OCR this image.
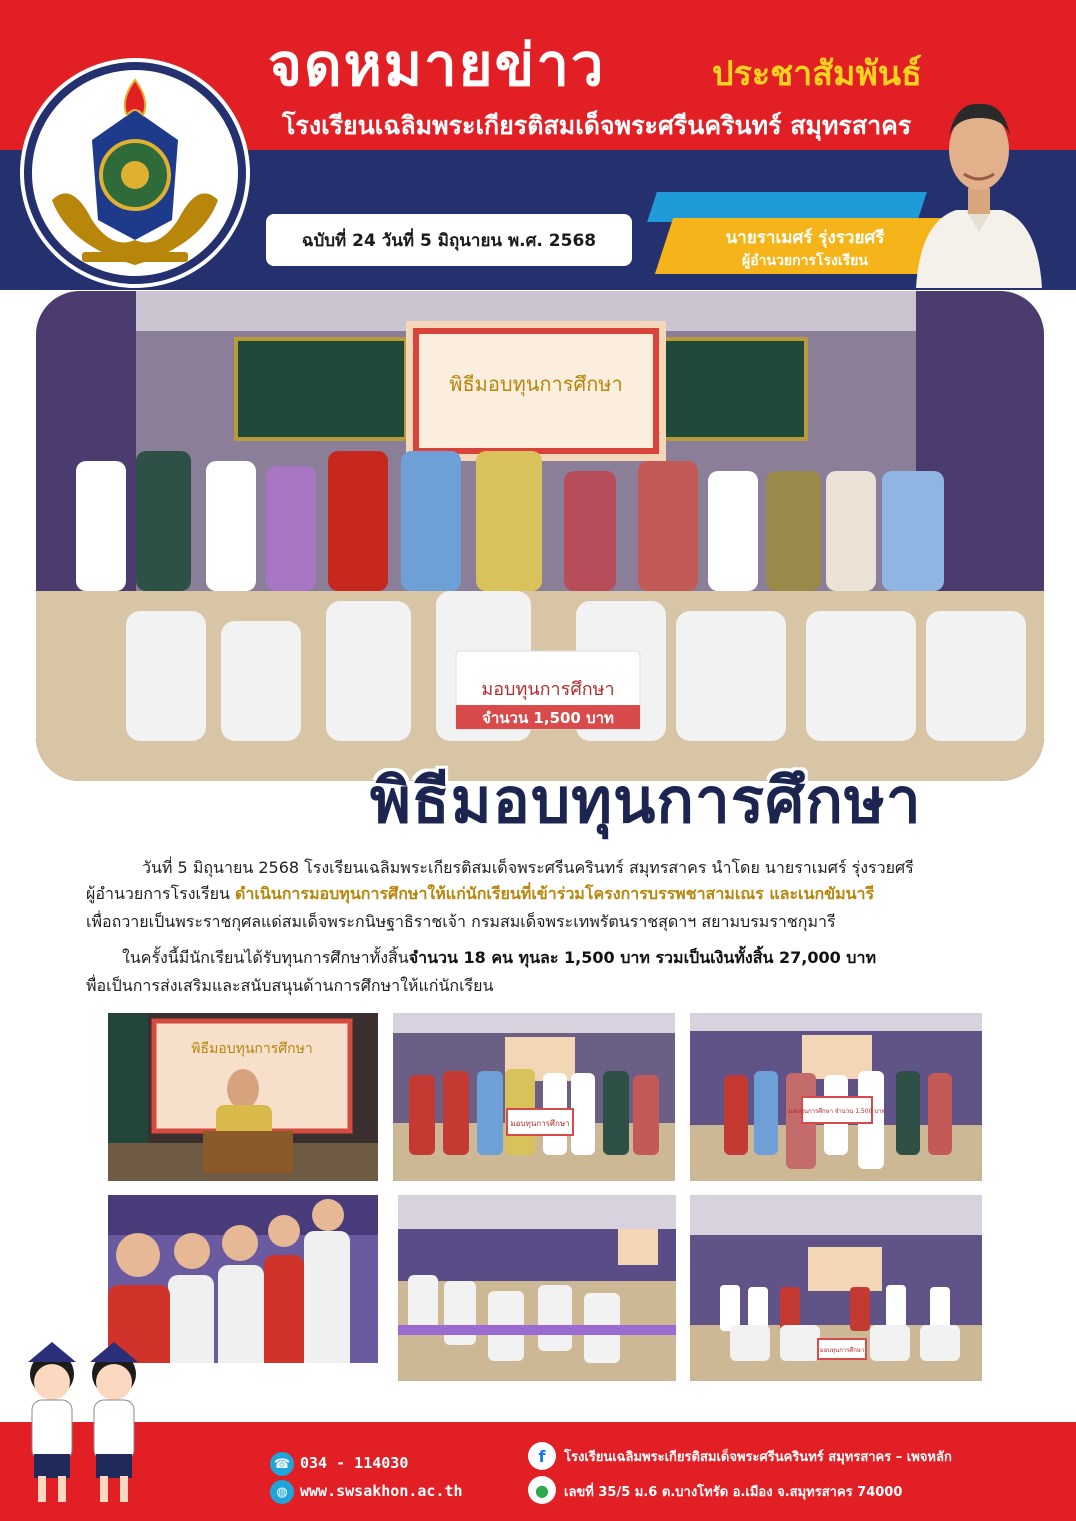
จดหมายข่าว	ประชาสัมพันธ์
โรงเรียนเฉลิมพระเกียรติสมเด็จพระศรีนครินทร์ สมุทรสาคร
ฉบับที่ 24 วันที่ 5 มิถุนายน พ.ศ. 2568	นายราเมศร์ รุ่งรวยศรี
ผู้อำนวยการโรงเรียน
พิธีมอบทุนการศึกษา
มอบทุนการศึกษา
จำนวน 1,500 บาท
พิธีมอบทุนการศึกษา
วันที่ 5 มิถุนายน 2568 โรงเรียนเฉลิมพระเกียรติสมเด็จพระศรีนครินทร์ สมุทรสาคร นำโดย นายราเมศร์ รุ่งรวยศรี
ผู้อำนวยการโรงเรียน ดำเนินการมอบทุนการศึกษาให้แก่นักเรียนที่เข้าร่วมโครงการบรรพชาสามเณร และเนกขัมนารี
เพื่อถวายเป็นพระราชกุศลแด่สมเด็จพระกนิษฐาธิราชเจ้า กรมสมเด็จพระเทพรัตนราชสุดาฯ สยามบรมราชกุมารี
ในครั้งนี้มีนักเรียนได้รับทุนการศึกษาทั้งสิ้นจำนวน 18 คน ทุนละ 1,500 บาท รวมเป็นเงินทั้งสิ้น 27,000 บาท
พื่อเป็นการส่งเสริมและสนับสนุนด้านการศึกษาให้แก่นักเรียน
พิธีมอบทุนการศึกษา
มอบทุนการศึกษา
มอบทุนการศึกษา จำนวน 1,500 บาท
มอบทุนการศึกษา
☎ 034 - 114030
◍ www.swsakhon.ac.th
f	โรงเรียนเฉลิมพระเกียรติสมเด็จพระศรีนครินทร์ สมุทรสาคร – เพจหลัก
●	เลขที่ 35/5 ม.6 ต.บางโทรัด อ.เมือง จ.สมุทรสาคร 74000
